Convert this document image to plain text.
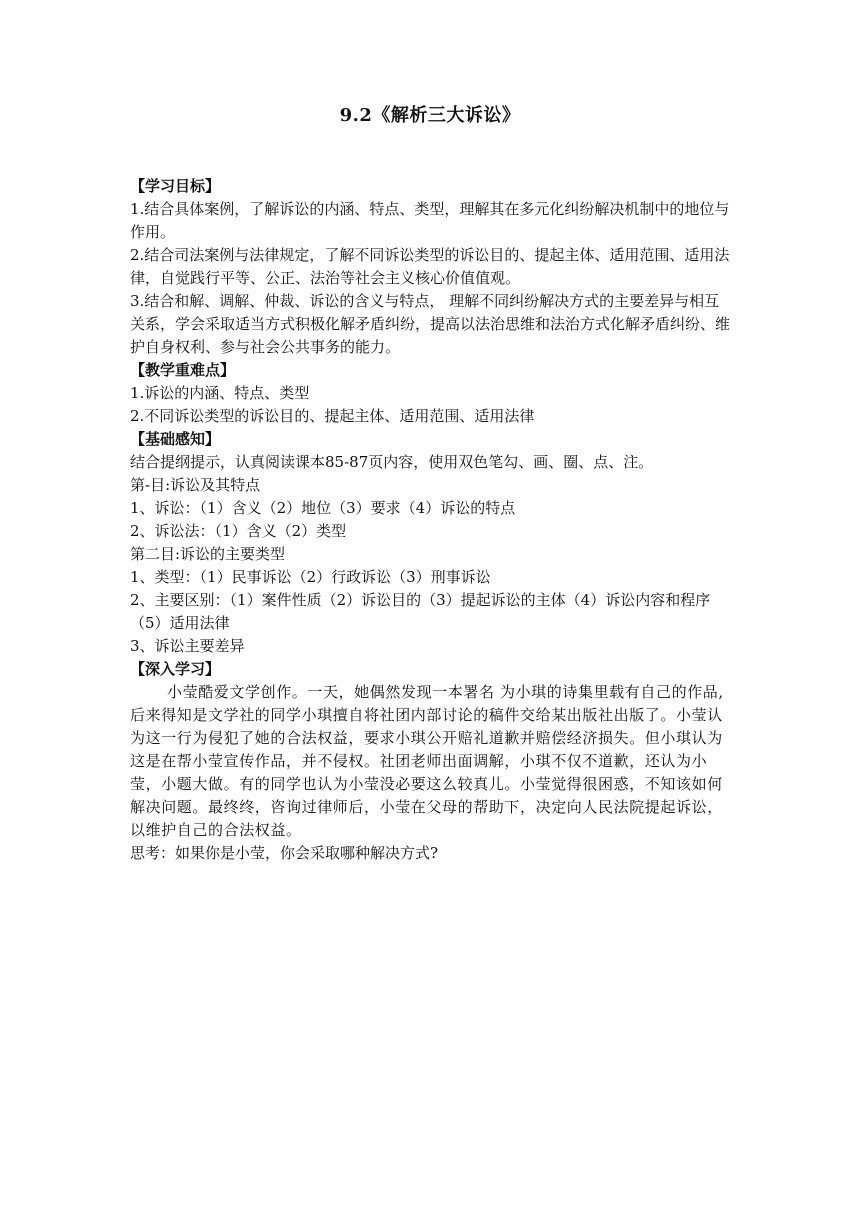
9.2《解析三大诉讼》

【学习目标】

1.结合具体案例，了解诉讼的内涵、特点、类型，理解其在多元化纠纷解决机制中的地位与作用。

2.结合司法案例与法律规定，了解不同诉讼类型的诉讼目的、提起主体、适用范围、适用法律，自觉践行平等、公正、法治等社会主义核心价值值观。

3.结合和解、调解、仲裁、诉讼的含义与特点， 理解不同纠纷解决方式的主要差异与相互关系，学会采取适当方式积极化解矛盾纠纷，提高以法治思维和法治方式化解矛盾纠纷、维护自身权利、参与社会公共事务的能力。

【教学重难点】

1.诉讼的内涵、特点、类型

2.不同诉讼类型的诉讼目的、提起主体、适用范围、适用法律

【基础感知】

结合提纲提示，认真阅读课本85-87页内容，使用双色笔勾、画、圈、点、注。

第-目:诉讼及其特点

1、诉讼：（1）含义（2）地位（3）要求（4）诉讼的特点

2、诉讼法：（1）含义（2）类型

第二目:诉讼的主要类型

1、类型：（1）民事诉讼（2）行政诉讼（3）刑事诉讼

2、主要区别：（1）案件性质（2）诉讼目的（3）提起诉讼的主体（4）诉讼内容和程序（5）适用法律

3、诉讼主要差异

【深入学习】

小莹酷爱文学创作。一天，她偶然发现一本署名 为小琪的诗集里载有自己的作品,后来得知是文学社的同学小琪擅自将社团内部讨论的稿件交给某出版社出版了。小莹认为这一行为侵犯了她的合法权益，要求小琪公开赔礼道歉并赔偿经济损失。但小琪认为这是在帮小莹宣传作品，并不侵权。社团老师出面调解，小琪不仅不道歉，还认为小莹，小题大做。有的同学也认为小莹没必要这么较真儿。小莹觉得很困惑，不知该如何解决问题。最终终，咨询过律师后，小莹在父母的帮助下，决定向人民法院提起诉讼，以维护自己的合法权益。

思考：如果你是小莹，你会采取哪种解决方式?
